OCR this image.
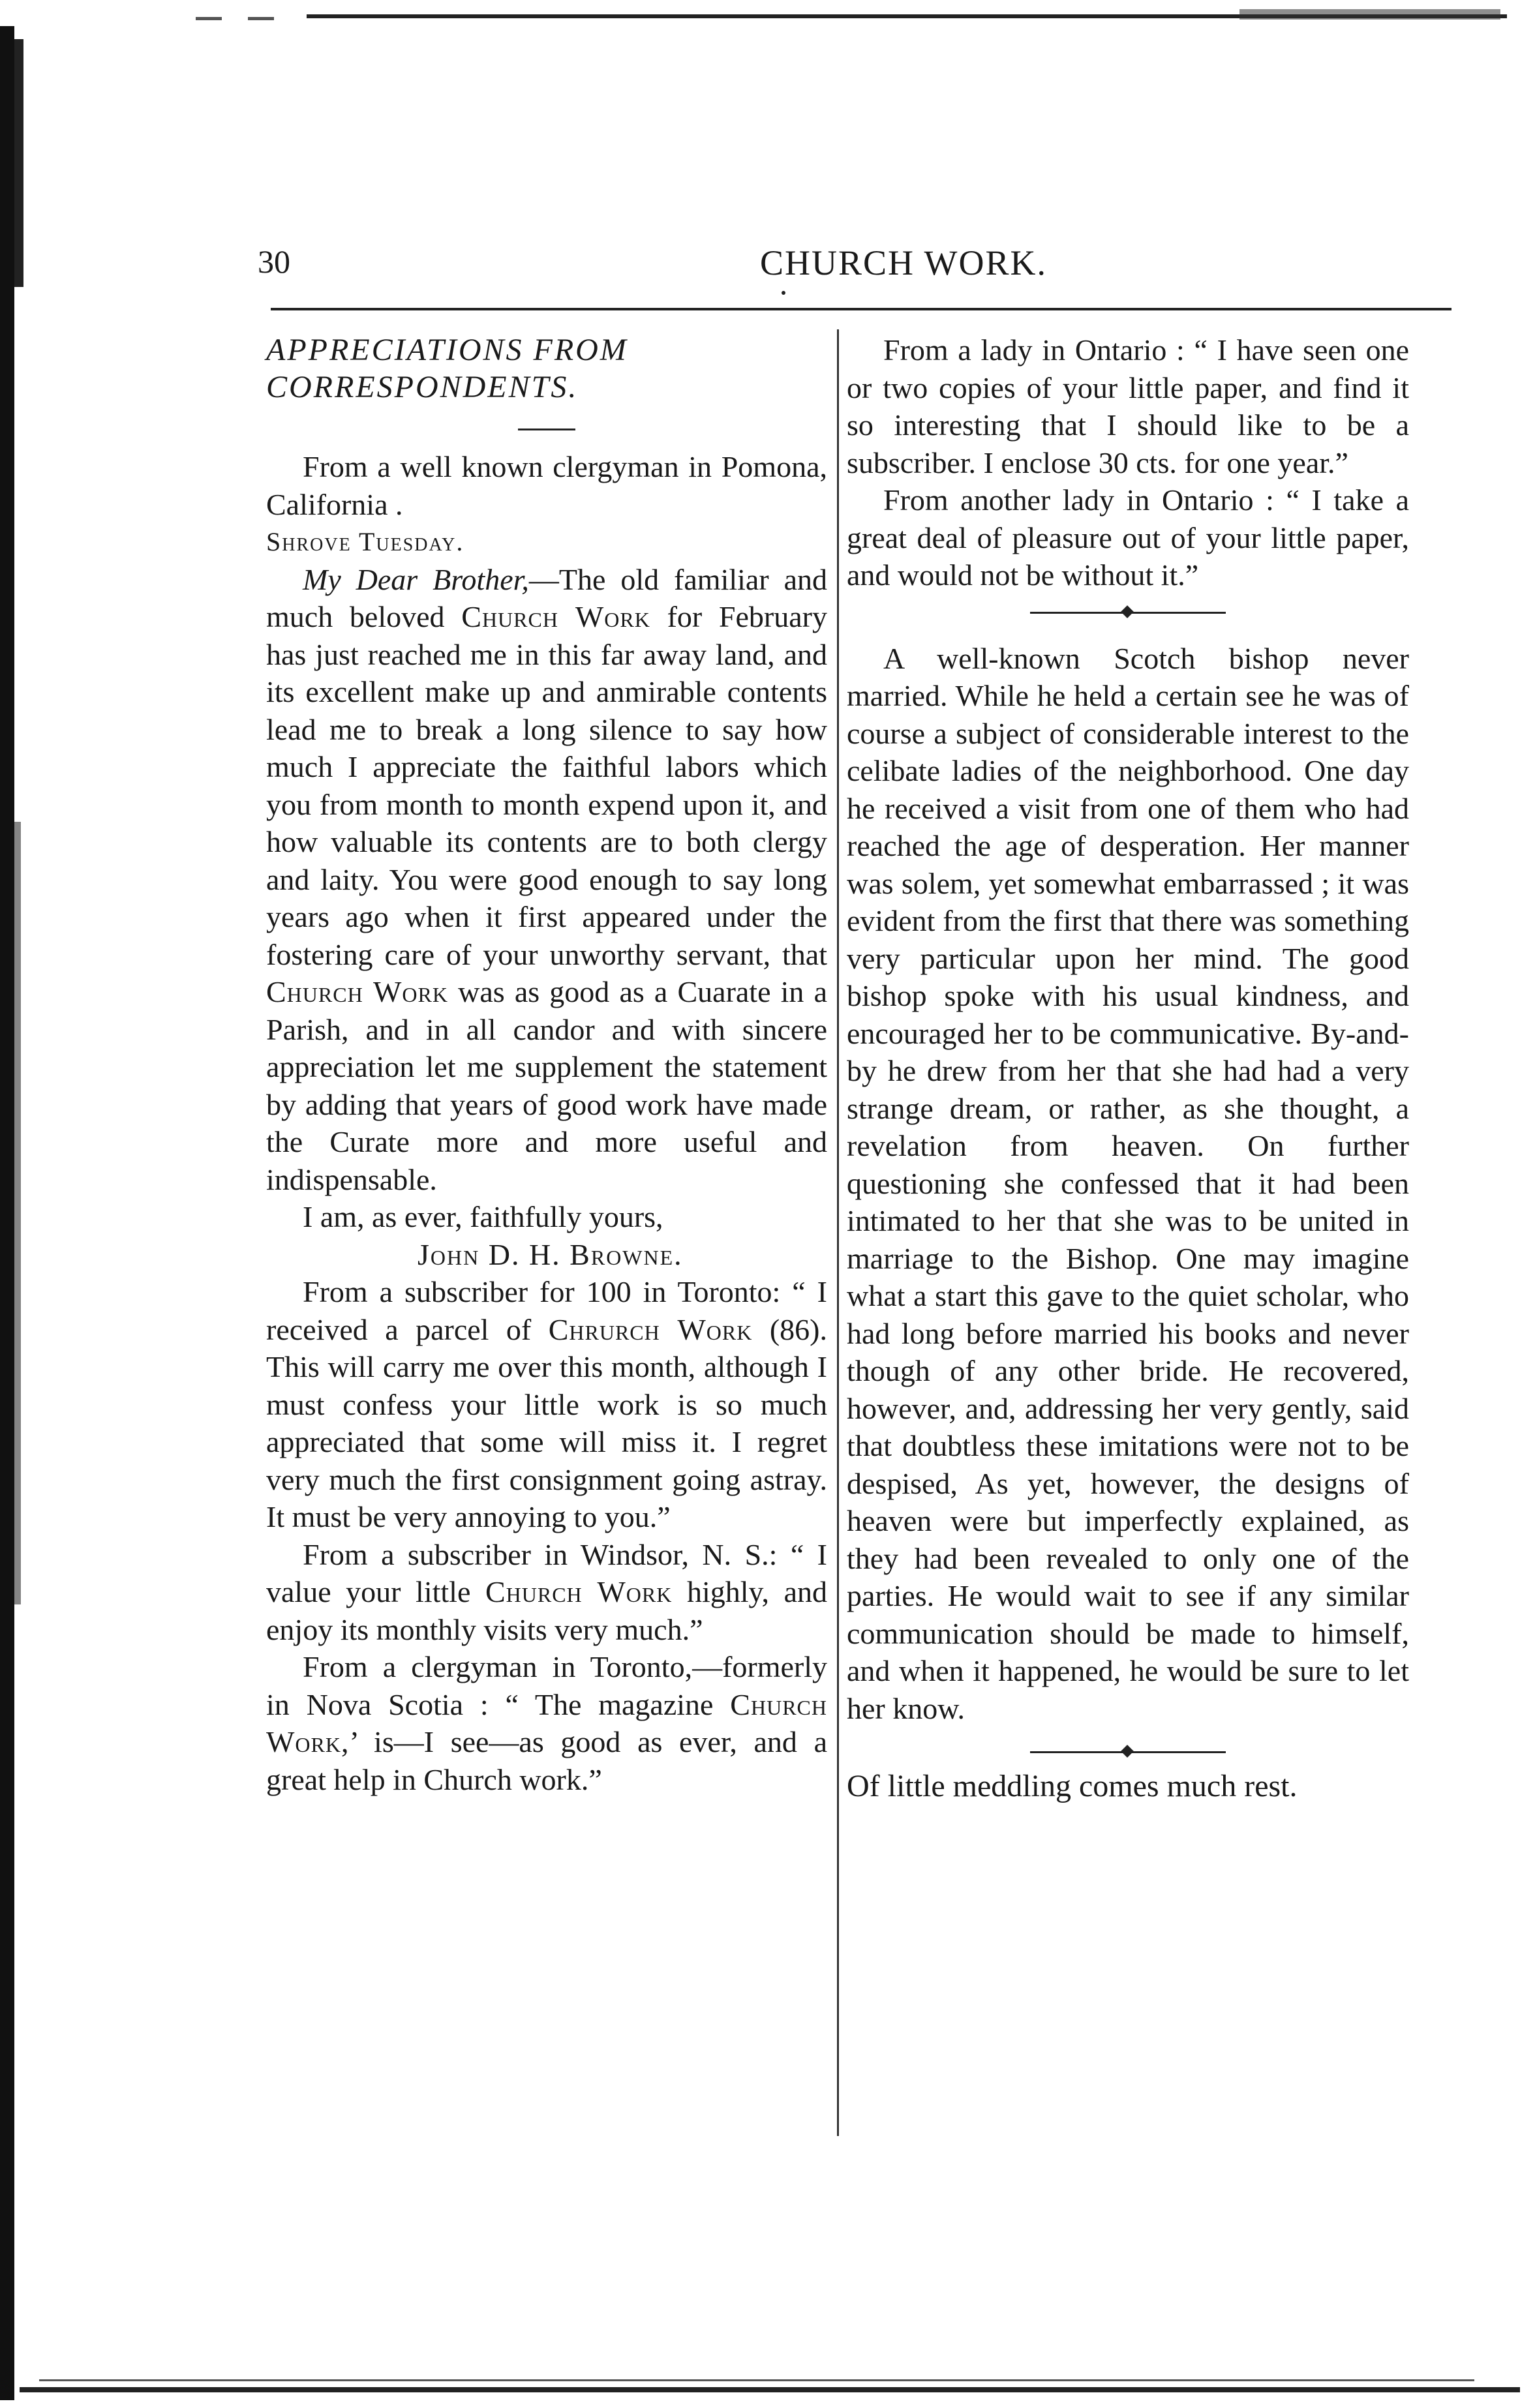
30	CHURCH WORK.

APPRECIATIONS FROM
CORRESPONDENTS.

From a well known clergyman in Pomona, California .

Shrove Tuesday.

My Dear Brother,—The old familiar and much beloved Church Work for February has just reached me in this far away land, and its excellent make up and anmirable contents lead me to break a long silence to say how much I appreciate the faithful labors which you from month to month expend upon it, and how valuable its contents are to both clergy and laity. You were good enough to say long years ago when it first appeared under the fostering care of your unworthy servant, that Church Work was as good as a Cuarate in a Parish, and in all candor and with sincere appreciation let me supplement the statement by adding that years of good work have made the Curate more and more useful and indispensable.

I am, as ever, faithfully yours,

John D. H. Browne.

From a subscriber for 100 in Toronto: “ I received a parcel of Chrurch Work (86). This will carry me over this month, although I must confess your little work is so much appreciated that some will miss it. I regret very much the first consignment going astray. It must be very annoying to you.”

From a subscriber in Windsor, N. S.: “ I value your little Church Work highly, and enjoy its monthly visits very much.”

From a clergyman in Toronto,—formerly in Nova Scotia : “ The magazine Church Work,’ is—I see—as good as ever, and a great help in Church work.”

From a lady in Ontario : “ I have seen one or two copies of your little paper, and find it so interesting that I should like to be a subscriber. I enclose 30 cts. for one year.”

From another lady in Ontario : “ I take a great deal of pleasure out of your little paper, and would not be without it.”

A well-known Scotch bishop never married. While he held a certain see he was of course a subject of considerable interest to the celibate ladies of the neighborhood. One day he received a visit from one of them who had reached the age of desperation. Her manner was solem, yet somewhat embarrassed ; it was evident from the first that there was something very particular upon her mind. The good bishop spoke with his usual kindness, and encouraged her to be communicative. By-and-by he drew from her that she had had a very strange dream, or rather, as she thought, a revelation from heaven. On further questioning she confessed that it had been intimated to her that she was to be united in marriage to the Bishop. One may imagine what a start this gave to the quiet scholar, who had long before married his books and never though of any other bride. He recovered, however, and, addressing her very gently, said that doubtless these imitations were not to be despised, As yet, however, the designs of heaven were but imperfectly explained, as they had been revealed to only one of the parties. He would wait to see if any similar communication should be made to himself, and when it happened, he would be sure to let her know.

Of little meddling comes much rest.
